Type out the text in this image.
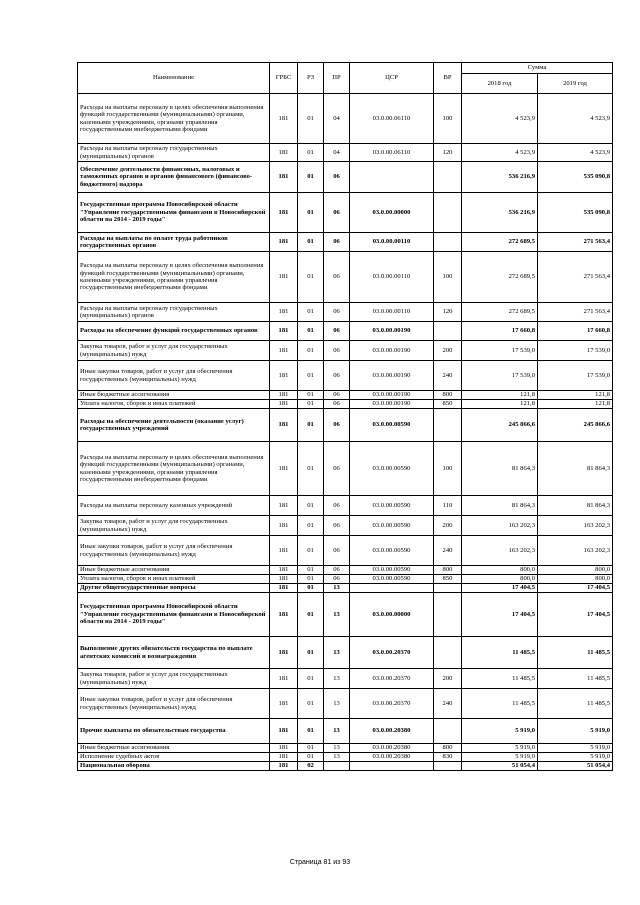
Наименование	ГРБС	РЗ	ПР	ЦСР	ВР	Сумма	
						2018 год	2019 год
Расходы на выплаты персоналу в целях обеспечения выполнения функций государственными (муниципальными) органами, казенными учреждениями, органами управления государственными внебюджетными фондами	181	01	04	03.0.00.06110	100	4 523,9	4 523,9
Расходы на выплаты персоналу государственных (муниципальных) органов	181	01	04	03.0.00.06110	120	4 523,9	4 523,9
Обеспечение деятельности финансовых, налоговых и таможенных органов и органов финансового (финансово-бюджетного) надзора	181	01	06			536 216,9	535 090,8
Государственная программа Новосибирской области "Управление государственными финансами в Новосибирской области на 2014 - 2019 годы"	181	01	06	03.0.00.00000		536 216,9	535 090,8
Расходы на выплаты по оплате труда работников государственных органов	181	01	06	03.0.00.00110		272 689,5	271 563,4
Расходы на выплаты персоналу в целях обеспечения выполнения функций государственными (муниципальными) органами, казенными учреждениями, органами управления государственными внебюджетными фондами	181	01	06	03.0.00.00110	100	272 689,5	271 563,4
Расходы на выплаты персоналу государственных (муниципальных) органов	181	01	06	03.0.00.00110	120	272 689,5	271 563,4
Расходы на обеспечение функций государственных органов	181	01	06	03.0.00.00190		17 660,8	17 660,8
Закупка товаров, работ и услуг для государственных (муниципальных) нужд	181	01	06	03.0.00.00190	200	17 539,0	17 539,0
Иные закупки товаров, работ и услуг для обеспечения государственных (муниципальных) нужд	181	01	06	03.0.00.00190	240	17 539,0	17 539,0
Иные бюджетные ассигнования	181	01	06	03.0.00.00190	800	121,8	121,8
Уплата налогов, сборов и иных платежей	181	01	06	03.0.00.00190	850	121,8	121,8
Расходы на обеспечение деятельности (оказание услуг) государственных учреждений	181	01	06	03.0.00.00590		245 866,6	245 866,6
Расходы на выплаты персоналу в целях обеспечения выполнения функций государственными (муниципальными) органами, казенными учреждениями, органами управления государственными внебюджетными фондами	181	01	06	03.0.00.00590	100	81 864,3	81 864,3
Расходы на выплаты персоналу казенных учреждений	181	01	06	03.0.00.00590	110	81 864,3	81 864,3
Закупка товаров, работ и услуг для государственных (муниципальных) нужд	181	01	06	03.0.00.00590	200	163 202,3	163 202,3
Иные закупки товаров, работ и услуг для обеспечения государственных (муниципальных) нужд	181	01	06	03.0.00.00590	240	163 202,3	163 202,3
Иные бюджетные ассигнования	181	01	06	03.0.00.00590	800	800,0	800,0
Уплата налогов, сборов и иных платежей	181	01	06	03.0.00.00590	850	800,0	800,0
Другие общегосударственные вопросы	181	01	13			17 404,5	17 404,5
Государственная программа Новосибирской области "Управление государственными финансами в Новосибирской области на 2014 - 2019 годы"	181	01	13	03.0.00.00000		17 404,5	17 404,5
Выполнение других обязательств государства по выплате агентских комиссий и вознаграждения	181	01	13	03.0.00.20370		11 485,5	11 485,5
Закупка товаров, работ и услуг для государственных (муниципальных) нужд	181	01	13	03.0.00.20370	200	11 485,5	11 485,5
Иные закупки товаров, работ и услуг для обеспечения государственных (муниципальных) нужд	181	01	13	03.0.00.20370	240	11 485,5	11 485,5
Прочие выплаты по обязательствам государства	181	01	13	03.0.00.20380		5 919,0	5 919,0
Иные бюджетные ассигнования	181	01	13	03.0.00.20380	800	5 919,0	5 919,0
Исполнение судебных актов	181	01	13	03.0.00.20380	830	5 919,0	5 919,0
Национальная оборона	181	02				51 054,4	51 054,4
Страница 81 из 93
